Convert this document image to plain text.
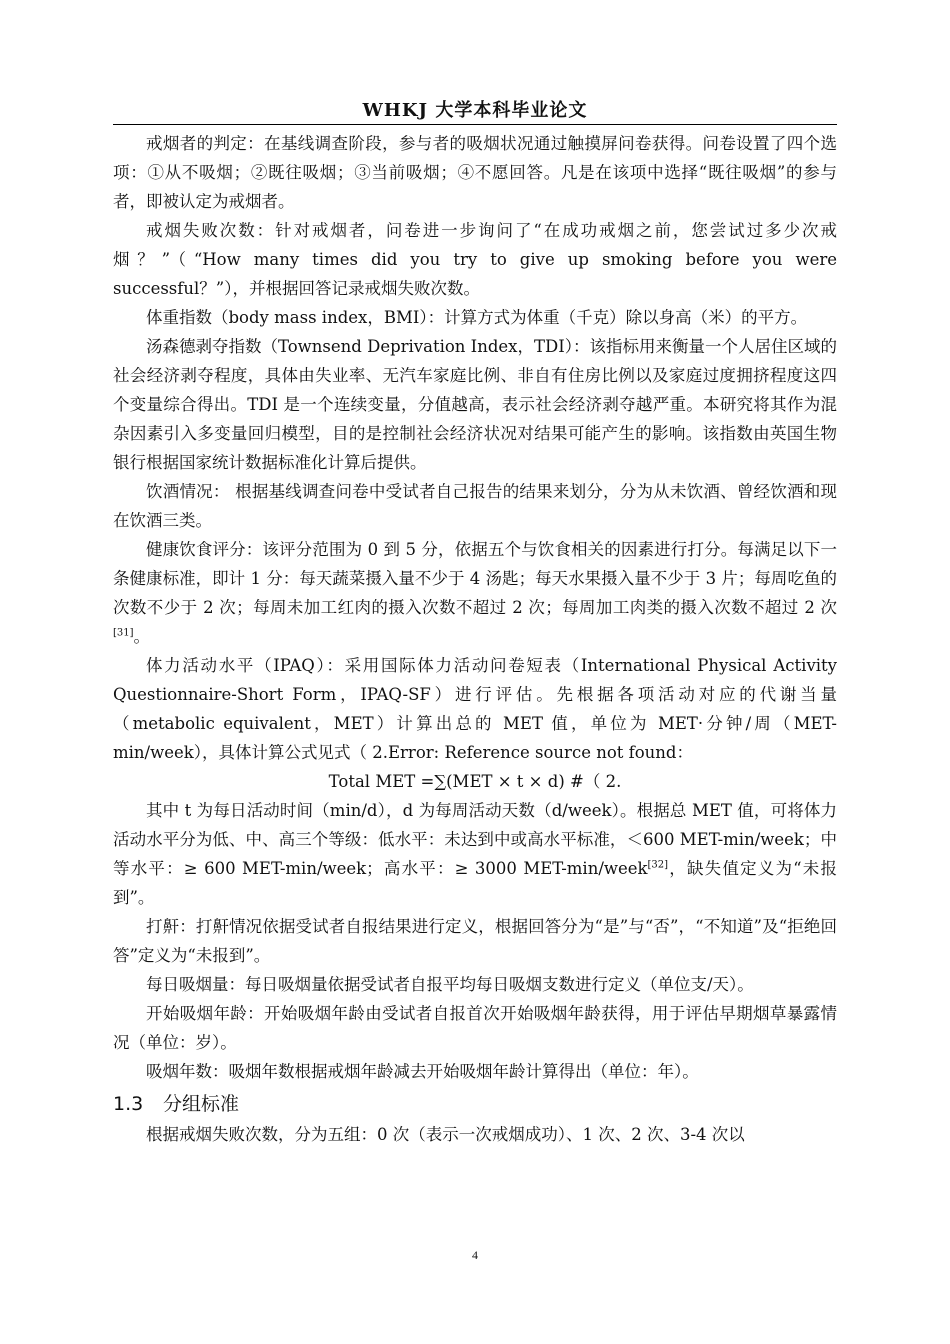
WHKJ 大学本科毕业论文

戒烟者的判定：在基线调查阶段，参与者的吸烟状况通过触摸屏问卷获得。问卷设置了四个选项：①从不吸烟；②既往吸烟；③当前吸烟；④不愿回答。凡是在该项中选择“既往吸烟”的参与者，即被认定为戒烟者。

戒烟失败次数：针对戒烟者，问卷进一步询问了“在成功戒烟之前，您尝试过多少次戒烟？”（“How many times did you try to give up smoking before you were successful？”），并根据回答记录戒烟失败次数。

体重指数（body mass index，BMI）：计算方式为体重（千克）除以身高（米）的平方。

汤森德剥夺指数（Townsend Deprivation Index，TDI）：该指标用来衡量一个人居住区域的社会经济剥夺程度，具体由失业率、无汽车家庭比例、非自有住房比例以及家庭过度拥挤程度这四个变量综合得出。TDI 是一个连续变量，分值越高，表示社会经济剥夺越严重。本研究将其作为混杂因素引入多变量回归模型，目的是控制社会经济状况对结果可能产生的影响。该指数由英国生物银行根据国家统计数据标准化计算后提供。

饮酒情况： 根据基线调查问卷中受试者自己报告的结果来划分，分为从未饮酒、曾经饮酒和现在饮酒三类。

健康饮食评分：该评分范围为 0 到 5 分，依据五个与饮食相关的因素进行打分。每满足以下一条健康标准，即计 1 分：每天蔬菜摄入量不少于 4 汤匙；每天水果摄入量不少于 3 片；每周吃鱼的次数不少于 2 次；每周未加工红肉的摄入次数不超过 2 次；每周加工肉类的摄入次数不超过 2 次[31]。

体力活动水平（IPAQ）：采用国际体力活动问卷短表（International Physical Activity Questionnaire-Short Form，IPAQ-SF）进行评估。先根据各项活动对应的代谢当量（metabolic equivalent，MET）计算出总的 MET 值，单位为 MET·分钟/周（MET-min/week），具体计算公式见式（ 2.Error: Reference source not found：

Total MET =∑(MET × t × d) #（ 2.

其中 t 为每日活动时间（min/d），d 为每周活动天数（d/week）。根据总 MET 值，可将体力活动水平分为低、中、高三个等级：低水平：未达到中或高水平标准，＜600 MET-min/week；中等水平：≥ 600 MET-min/week；高水平：≥ 3000 MET-min/week[32]，缺失值定义为“未报到”。

打鼾：打鼾情况依据受试者自报结果进行定义，根据回答分为“是”与“否”，“不知道”及“拒绝回答”定义为“未报到”。

每日吸烟量：每日吸烟量依据受试者自报平均每日吸烟支数进行定义（单位支/天）。

开始吸烟年龄：开始吸烟年龄由受试者自报首次开始吸烟年龄获得，用于评估早期烟草暴露情况（单位：岁）。

吸烟年数：吸烟年数根据戒烟年龄减去开始吸烟年龄计算得出（单位：年）。

1.3 分组标准

根据戒烟失败次数，分为五组：0 次（表示一次戒烟成功）、1 次、2 次、3-4 次以

4
